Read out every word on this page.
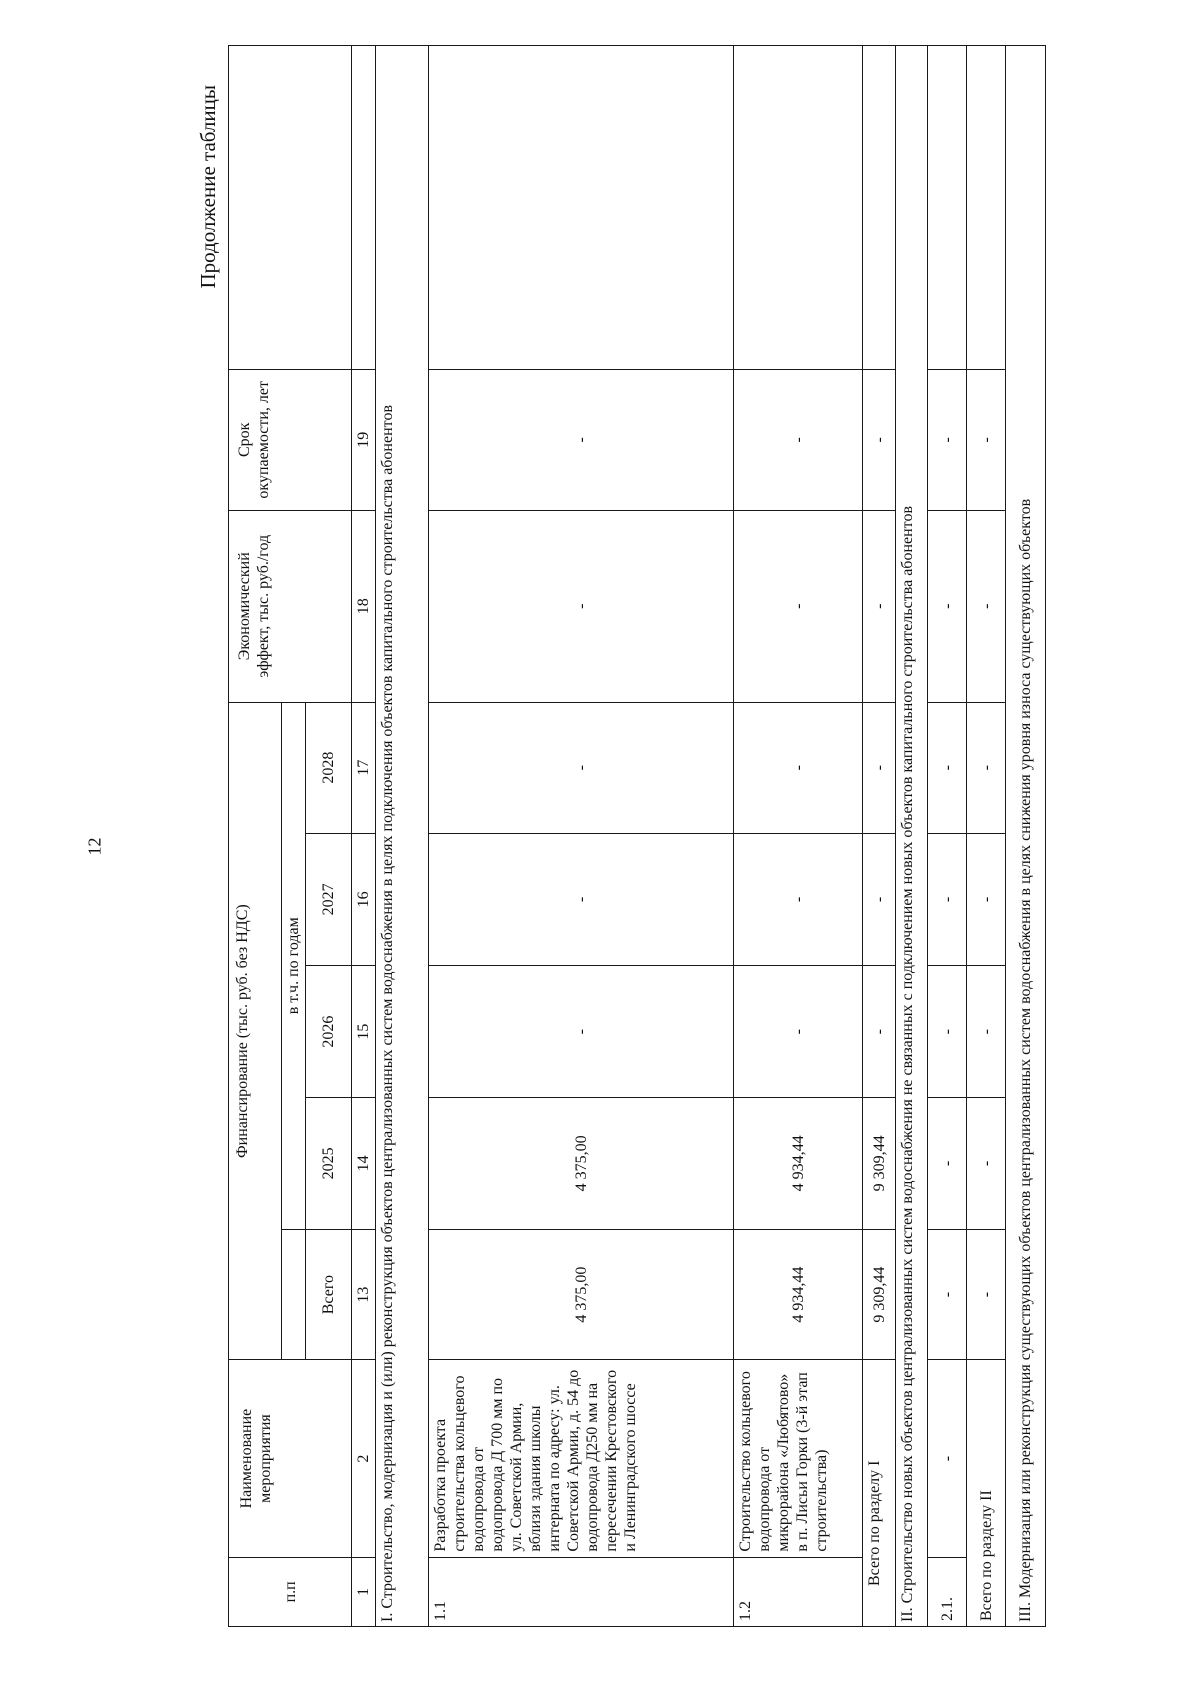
12
Продолжение таблицы
п.п	Наименование мероприятия	Финансирование (тыс. руб. без НДС)					Экономический эффект, тыс. руб./год	Срок окупаемости, лет	
			в т.ч. по годам						
		Всего	2025	2026	2027	2028			
1	2	13	14	15	16	17	18	19	
I. Строительство, модернизация и (или) реконструкция объектов централизованных систем водоснабжения в целях подключения объектов капитального строительства абонентов									
1.1	Разработка проекта строительства кольцевого водопровода от водопровода Д 700 мм по ул. Советской Армии, вблизи здания школы интерната по адресу: ул. Советской Армии, д. 54 до водопровода Д250 мм на пересечении Крестовского и Ленинградского шоссе	4 375,00	4 375,00	-	-	-	-	-	
1.2	Строительство кольцевого водопровода от микрорайона «Любятово» в п. Лисьи Горки (3-й этап строительства)	4 934,44	4 934,44	-	-	-	-	-	
Всего по разделу I		9 309,44	9 309,44	-	-	-	-	-	
II. Строительство новых объектов централизованных систем водоснабжения не связанных с подключением новых объектов капитального строительства абонентов									
2.1.	-	-	-	-	-	-	-	-	
Всего по разделу II		-	-	-	-	-	-	-	
III. Модернизация или реконструкция существующих объектов централизованных систем водоснабжения в целях снижения уровня износа существующих объектов									
